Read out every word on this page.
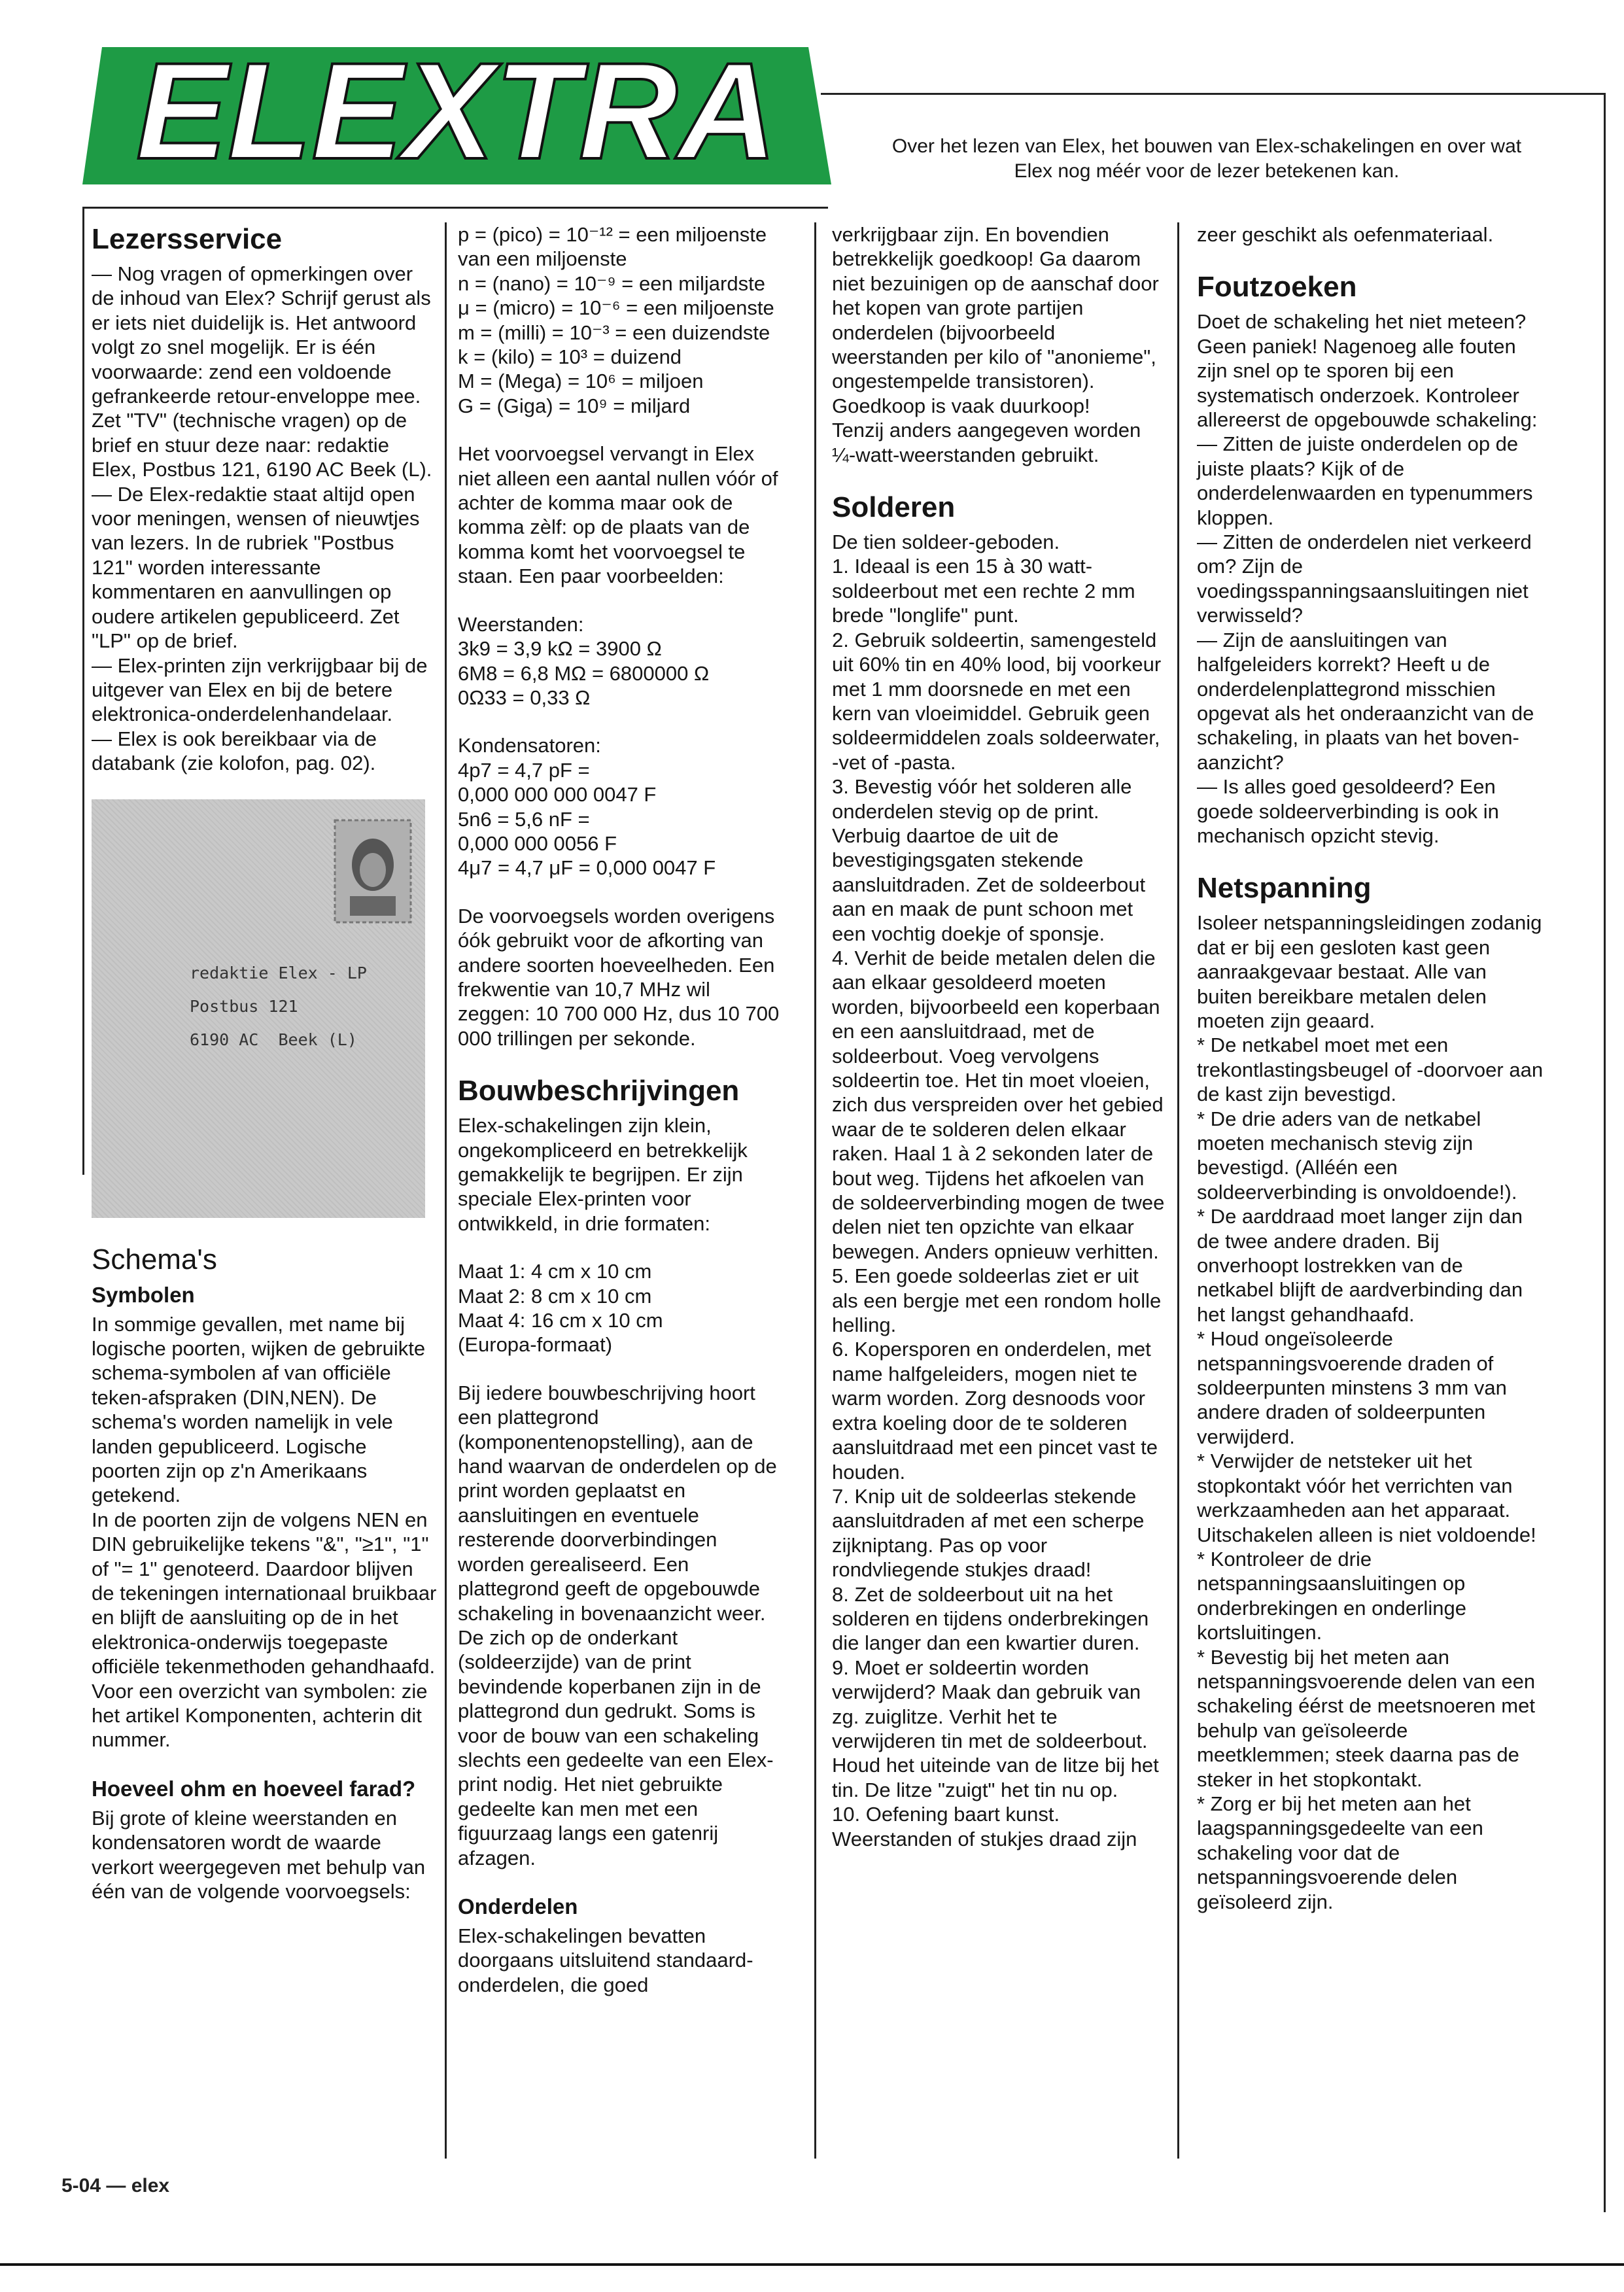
ELEXTRA	Over het lezen van Elex, het bouwen van Elex-schakelingen en over wat Elex nog méér voor de lezer betekenen kan.
Lezersservice

— Nog vragen of opmerkingen over de inhoud van Elex? Schrijf gerust als er iets niet duidelijk is. Het antwoord volgt zo snel mogelijk. Er is één voorwaarde: zend een voldoende gefrankeerde retour-enveloppe mee. Zet "TV" (technische vragen) op de brief en stuur deze naar: redaktie Elex, Postbus 121, 6190 AC Beek (L).

— De Elex-redaktie staat altijd open voor meningen, wensen of nieuwtjes van lezers. In de rubriek "Postbus 121" worden interessante kommentaren en aanvullingen op oudere artikelen gepubliceerd. Zet "LP" op de brief.

— Elex-printen zijn verkrijgbaar bij de uitgever van Elex en bij de betere elektronica-onderdelenhandelaar.

— Elex is ook bereikbaar via de databank (zie kolofon, pag. 02).

redaktie Elex - LP
Postbus 121
6190 AC  Beek (L)
Schema's
Symbolen

In sommige gevallen, met name bij logische poorten, wijken de gebruikte schema-symbolen af van officiële teken-afspraken (DIN,NEN). De schema's worden namelijk in vele landen gepubliceerd. Logische poorten zijn op z'n Amerikaans getekend.

In de poorten zijn de volgens NEN en DIN gebruikelijke tekens "&", "≥1", "1" of "= 1" genoteerd. Daardoor blijven de tekeningen internationaal bruikbaar en blijft de aansluiting op de in het elektronica-onderwijs toegepaste officiële tekenmethoden gehandhaafd. Voor een overzicht van symbolen: zie het artikel Komponenten, achterin dit nummer.

Hoeveel ohm en hoeveel farad?

Bij grote of kleine weerstanden en kondensatoren wordt de waarde verkort weergegeven met behulp van één van de volgende voorvoegsels:

p = (pico) = 10⁻¹² = een miljoenste van een miljoenste
n = (nano) = 10⁻⁹ = een miljardste
μ = (micro) = 10⁻⁶ = een miljoenste
m = (milli) = 10⁻³ = een duizendste
k = (kilo) = 10³ = duizend
M = (Mega) = 10⁶ = miljoen
G = (Giga) = 10⁹ = miljard

Het voorvoegsel vervangt in Elex niet alleen een aantal nullen vóór of achter de komma maar ook de komma zèlf: op de plaats van de komma komt het voorvoegsel te staan. Een paar voorbeelden:

Weerstanden:
3k9 = 3,9 kΩ = 3900 Ω
6M8 = 6,8 MΩ = 6800000 Ω
0Ω33 = 0,33 Ω

Kondensatoren:
4p7 = 4,7 pF =
0,000 000 000 0047 F
5n6 = 5,6 nF =
0,000 000 0056 F
4μ7 = 4,7 μF = 0,000 0047 F

De voorvoegsels worden overigens óók gebruikt voor de afkorting van andere soorten hoeveelheden. Een frekwentie van 10,7 MHz wil zeggen: 10 700 000 Hz, dus 10 700 000 trillingen per sekonde.

Bouwbeschrijvingen

Elex-schakelingen zijn klein, ongekompliceerd en betrekkelijk gemakkelijk te begrijpen. Er zijn speciale Elex-printen voor ontwikkeld, in drie formaten:

Maat 1: 4 cm x 10 cm
Maat 2: 8 cm x 10 cm
Maat 4: 16 cm x 10 cm
(Europa-formaat)

Bij iedere bouwbeschrijving hoort een plattegrond (komponentenopstelling), aan de hand waarvan de onderdelen op de print worden geplaatst en aansluitingen en eventuele resterende doorverbindingen worden gerealiseerd. Een plattegrond geeft de opgebouwde schakeling in bovenaanzicht weer. De zich op de onderkant (soldeerzijde) van de print bevindende koperbanen zijn in de plattegrond dun gedrukt. Soms is voor de bouw van een schakeling slechts een gedeelte van een Elex-print nodig. Het niet gebruikte gedeelte kan men met een figuurzaag langs een gatenrij afzagen.

Onderdelen

Elex-schakelingen bevatten doorgaans uitsluitend standaard-onderdelen, die goed

verkrijgbaar zijn. En bovendien betrekkelijk goedkoop! Ga daarom niet bezuinigen op de aanschaf door het kopen van grote partijen onderdelen (bijvoorbeeld weerstanden per kilo of "anonieme", ongestempelde transistoren). Goedkoop is vaak duurkoop!
Tenzij anders aangegeven worden ¼-watt-weerstanden gebruikt.

Solderen

De tien soldeer-geboden.

1. Ideaal is een 15 à 30 watt-soldeerbout met een rechte 2 mm brede "longlife" punt.

2. Gebruik soldeertin, samengesteld uit 60% tin en 40% lood, bij voorkeur met 1 mm doorsnede en met een kern van vloeimiddel. Gebruik geen soldeermiddelen zoals soldeerwater, -vet of -pasta.

3. Bevestig vóór het solderen alle onderdelen stevig op de print. Verbuig daartoe de uit de bevestigingsgaten stekende aansluitdraden. Zet de soldeerbout aan en maak de punt schoon met een vochtig doekje of sponsje.

4. Verhit de beide metalen delen die aan elkaar gesoldeerd moeten worden, bijvoorbeeld een koperbaan en een aansluitdraad, met de soldeerbout. Voeg vervolgens soldeertin toe. Het tin moet vloeien, zich dus verspreiden over het gebied waar de te solderen delen elkaar raken. Haal 1 à 2 sekonden later de bout weg. Tijdens het afkoelen van de soldeerverbinding mogen de twee delen niet ten opzichte van elkaar bewegen. Anders opnieuw verhitten.

5. Een goede soldeerlas ziet er uit als een bergje met een rondom holle helling.

6. Kopersporen en onderdelen, met name halfgeleiders, mogen niet te warm worden. Zorg desnoods voor extra koeling door de te solderen aansluitdraad met een pincet vast te houden.

7. Knip uit de soldeerlas stekende aansluitdraden af met een scherpe zijkniptang. Pas op voor rondvliegende stukjes draad!

8. Zet de soldeerbout uit na het solderen en tijdens onderbrekingen die langer dan een kwartier duren.

9. Moet er soldeertin worden verwijderd? Maak dan gebruik van zg. zuiglitze. Verhit het te verwijderen tin met de soldeerbout. Houd het uiteinde van de litze bij het tin. De litze "zuigt" het tin nu op.

10. Oefening baart kunst. Weerstanden of stukjes draad zijn

zeer geschikt als oefenmateriaal.

Foutzoeken

Doet de schakeling het niet meteen? Geen paniek! Nagenoeg alle fouten zijn snel op te sporen bij een systematisch onderzoek. Kontroleer allereerst de opgebouwde schakeling:
— Zitten de juiste onderdelen op de juiste plaats? Kijk of de onderdelenwaarden en typenummers kloppen.
— Zitten de onderdelen niet verkeerd om? Zijn de voedingsspanningsaansluitingen niet verwisseld?
— Zijn de aansluitingen van halfgeleiders korrekt? Heeft u de onderdelenplattegrond misschien opgevat als het onderaanzicht van de schakeling, in plaats van het boven-aanzicht?
— Is alles goed gesoldeerd? Een goede soldeerverbinding is ook in mechanisch opzicht stevig.

Netspanning

Isoleer netspanningsleidingen zodanig dat er bij een gesloten kast geen aanraakgevaar bestaat. Alle van buiten bereikbare metalen delen moeten zijn geaard.
* De netkabel moet met een trekontlastingsbeugel of -doorvoer aan de kast zijn bevestigd.
* De drie aders van de netkabel moeten mechanisch stevig zijn bevestigd. (Alléén een soldeerverbinding is onvoldoende!).
* De aarddraad moet langer zijn dan de twee andere draden. Bij onverhoopt lostrekken van de netkabel blijft de aardverbinding dan het langst gehandhaafd.
* Houd ongeïsoleerde netspanningsvoerende draden of soldeerpunten minstens 3 mm van andere draden of soldeerpunten verwijderd.
* Verwijder de netsteker uit het stopkontakt vóór het verrichten van werkzaamheden aan het apparaat. Uitschakelen alleen is niet voldoende!
* Kontroleer de drie netspanningsaansluitingen op onderbrekingen en onderlinge kortsluitingen.
* Bevestig bij het meten aan netspanningsvoerende delen van een schakeling éérst de meetsnoeren met behulp van geïsoleerde meetklemmen; steek daarna pas de steker in het stopkontakt.
* Zorg er bij het meten aan het laagspanningsgedeelte van een schakeling voor dat de netspanningsvoerende delen geïsoleerd zijn.

5-04 — elex
